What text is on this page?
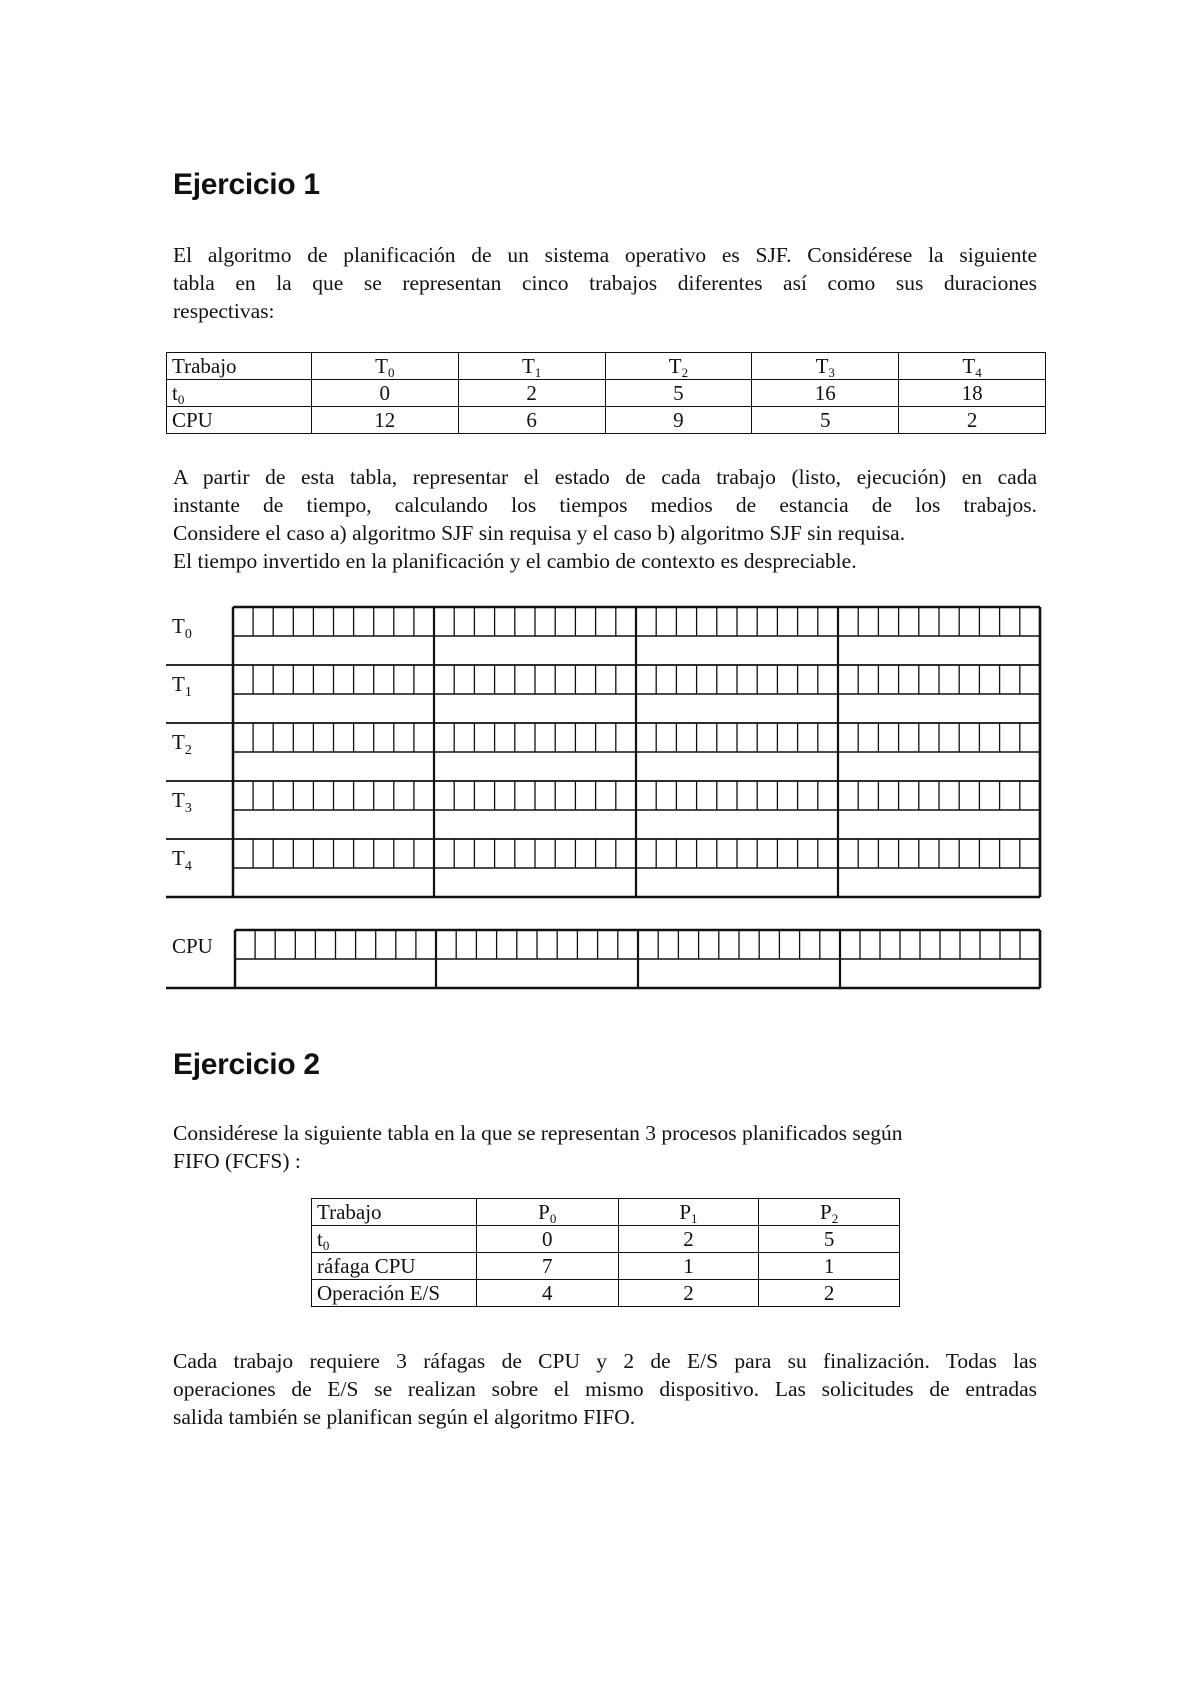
Ejercicio 1
El algoritmo de planificación de un sistema operativo es SJF. Considérese la siguiente
tabla en la que se representan cinco trabajos diferentes así como sus duraciones
respectivas:
Trabajo	$T_0$	$T_1$	$T_2$	$T_3$	$T_4$
$t_0$	0	2	5	16	18
CPU	12	6	9	5	2
A partir de esta tabla, representar el estado de cada trabajo (listo, ejecución) en cada
instante de tiempo, calculando los tiempos medios de estancia de los trabajos.
Considere el caso a) algoritmo SJF sin requisa y el caso b) algoritmo SJF sin requisa.
El tiempo invertido en la planificación y el cambio de contexto es despreciable.
$T_0$
$T_1$
$T_2$
$T_3$
$T_4$
CPU
Ejercicio 2
Considérese la siguiente tabla en la que se representan 3 procesos planificados según
FIFO (FCFS) :
Trabajo	$P_0$	$P_1$	$P_2$
$t_0$	0	2	5
ráfaga CPU	7	1	1
Operación E/S	4	2	2
Cada trabajo requiere 3 ráfagas de CPU y 2 de E/S para su finalización. Todas las
operaciones de E/S se realizan sobre el mismo dispositivo. Las solicitudes de entradas
salida también se planifican según el algoritmo FIFO.
